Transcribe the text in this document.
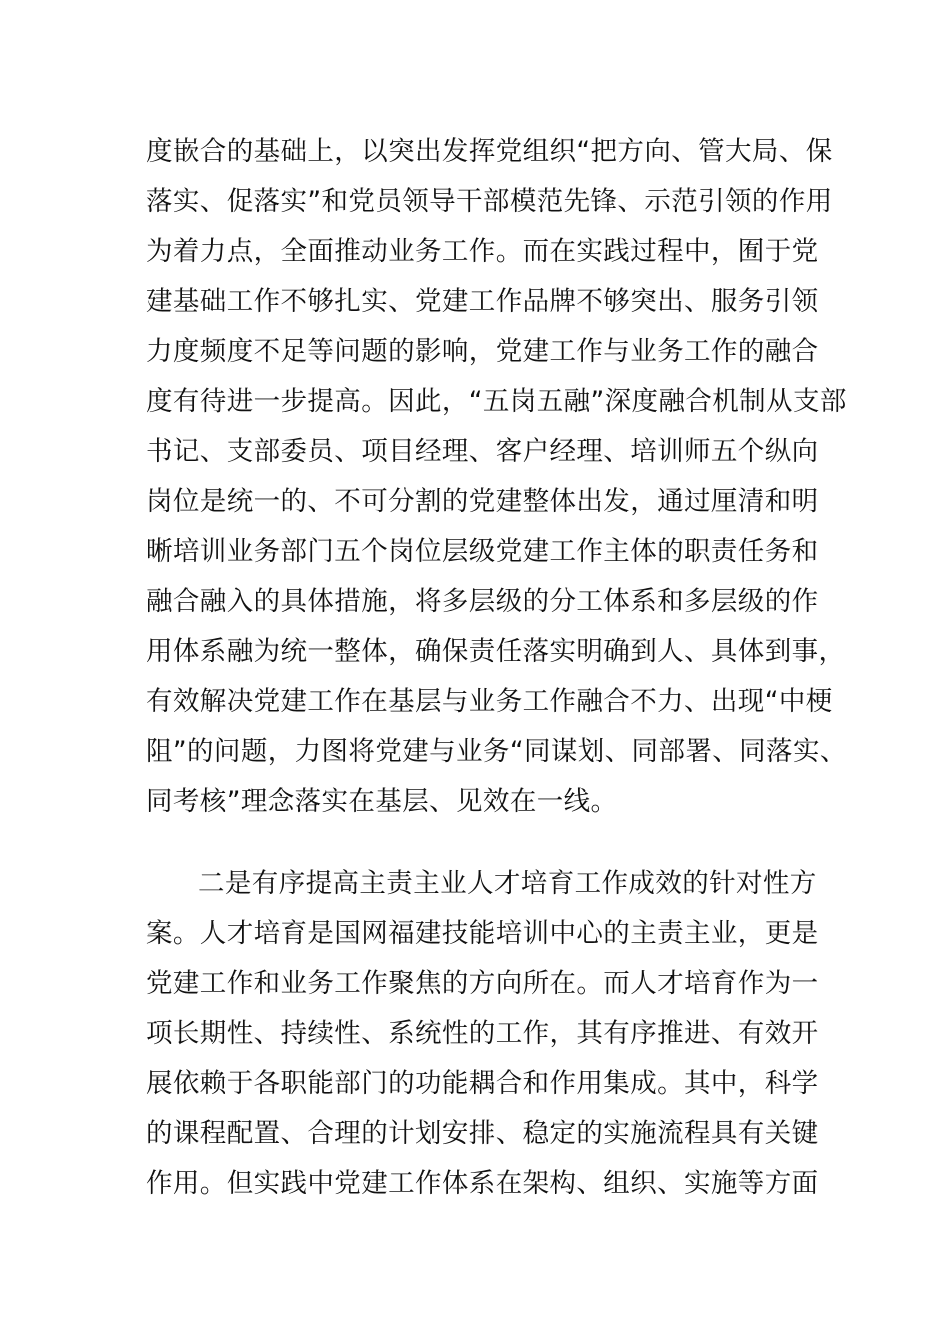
度嵌合的基础上，以突出发挥党组织“把方向、管大局、保
落实、促落实”和党员领导干部模范先锋、示范引领的作用
为着力点，全面推动业务工作。而在实践过程中，囿于党
建基础工作不够扎实、党建工作品牌不够突出、服务引领
力度频度不足等问题的影响，党建工作与业务工作的融合
度有待进一步提高。因此，“五岗五融”深度融合机制从支部
书记、支部委员、项目经理、客户经理、培训师五个纵向
岗位是统一的、不可分割的党建整体出发，通过厘清和明
晰培训业务部门五个岗位层级党建工作主体的职责任务和
融合融入的具体措施，将多层级的分工体系和多层级的作
用体系融为统一整体，确保责任落实明确到人、具体到事，
有效解决党建工作在基层与业务工作融合不力、出现“中梗
阻”的问题，力图将党建与业务“同谋划、同部署、同落实、
同考核”理念落实在基层、见效在一线。
二是有序提高主责主业人才培育工作成效的针对性方
案。人才培育是国网福建技能培训中心的主责主业，更是
党建工作和业务工作聚焦的方向所在。而人才培育作为一
项长期性、持续性、系统性的工作，其有序推进、有效开
展依赖于各职能部门的功能耦合和作用集成。其中，科学
的课程配置、合理的计划安排、稳定的实施流程具有关键
作用。但实践中党建工作体系在架构、组织、实施等方面
